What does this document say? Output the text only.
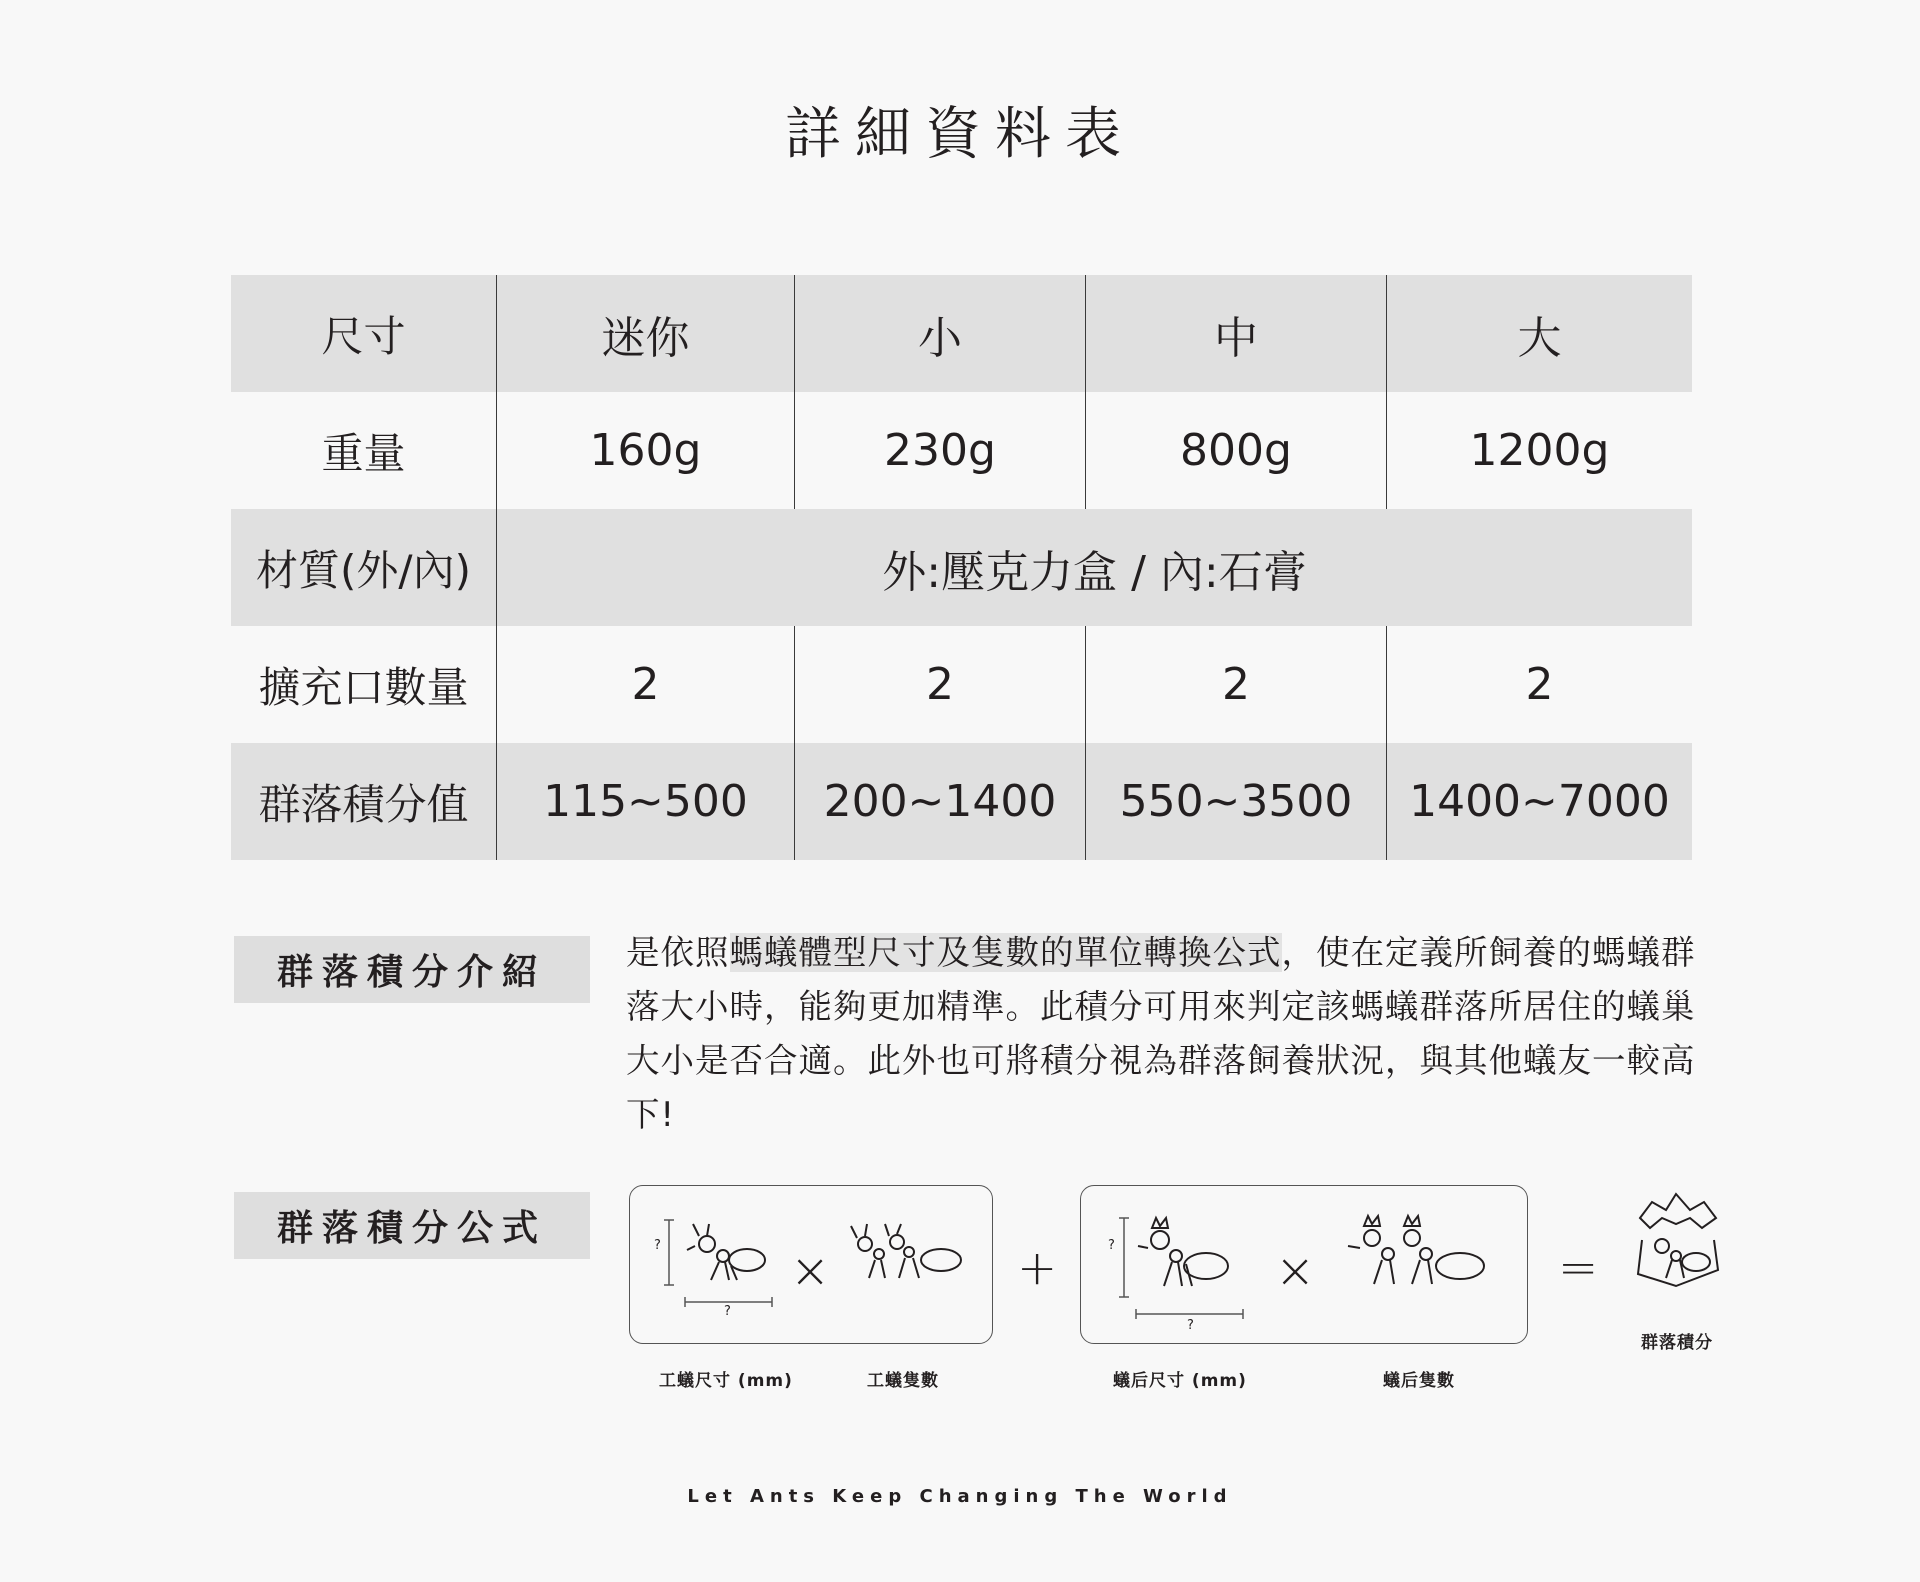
詳細資料表
尺寸	迷你	小	中	大
重量	160g	230g	800g	1200g
材質(外/內)	外:壓克力盒 / 內:石膏
擴充口數量	2	2	2	2
群落積分值	115~500	200~1400	550~3500	1400~7000
群落積分介紹	是依照螞蟻體型尺寸及隻數的單位轉換公式，使在定義所飼養的螞蟻群落大小時，能夠更加精準。此積分可用來判定該螞蟻群落所居住的蟻巢大小是否合適。此外也可將積分視為群落飼養狀況，與其他蟻友一較高下!
群落積分公式	?
?
×
工蟻尺寸 (mm)	工蟻隻數
+	?
?
×
蟻后尺寸 (mm)	蟻后隻數
=
群落積分
Let Ants Keep Changing The World
